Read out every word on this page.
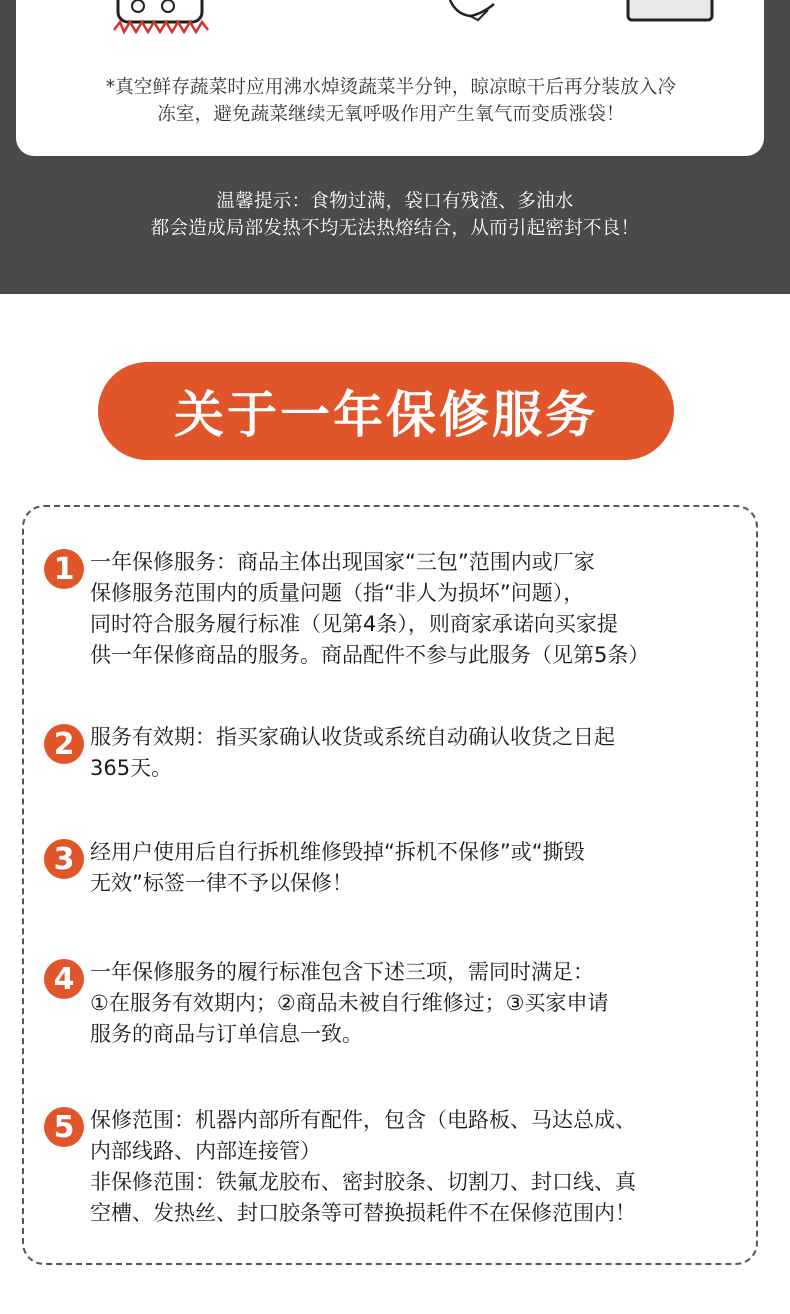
*真空鲜存蔬菜时应用沸水焯烫蔬菜半分钟，晾凉晾干后再分装放入冷
冻室，避免蔬菜继续无氧呼吸作用产生氧气而变质涨袋！
温馨提示：食物过满，袋口有残渣、多油水
都会造成局部发热不均无法热熔结合，从而引起密封不良！
关于一年保修服务
1 一年保修服务：商品主体出现国家“三包”范围内或厂家
保修服务范围内的质量问题（指“非人为损坏”问题），
同时符合服务履行标准（见第4条），则商家承诺向买家提
供一年保修商品的服务。商品配件不参与此服务（见第5条）
2 服务有效期：指买家确认收货或系统自动确认收货之日起
365天。
3 经用户使用后自行拆机维修毁掉“拆机不保修”或“撕毁
无效”标签一律不予以保修！
4 一年保修服务的履行标准包含下述三项，需同时满足：
①在服务有效期内；②商品未被自行维修过；③买家申请
服务的商品与订单信息一致。
5 保修范围：机器内部所有配件，包含（电路板、马达总成、
内部线路、内部连接管）
非保修范围：铁氟龙胶布、密封胶条、切割刀、封口线、真
空槽、发热丝、封口胶条等可替换损耗件不在保修范围内！
